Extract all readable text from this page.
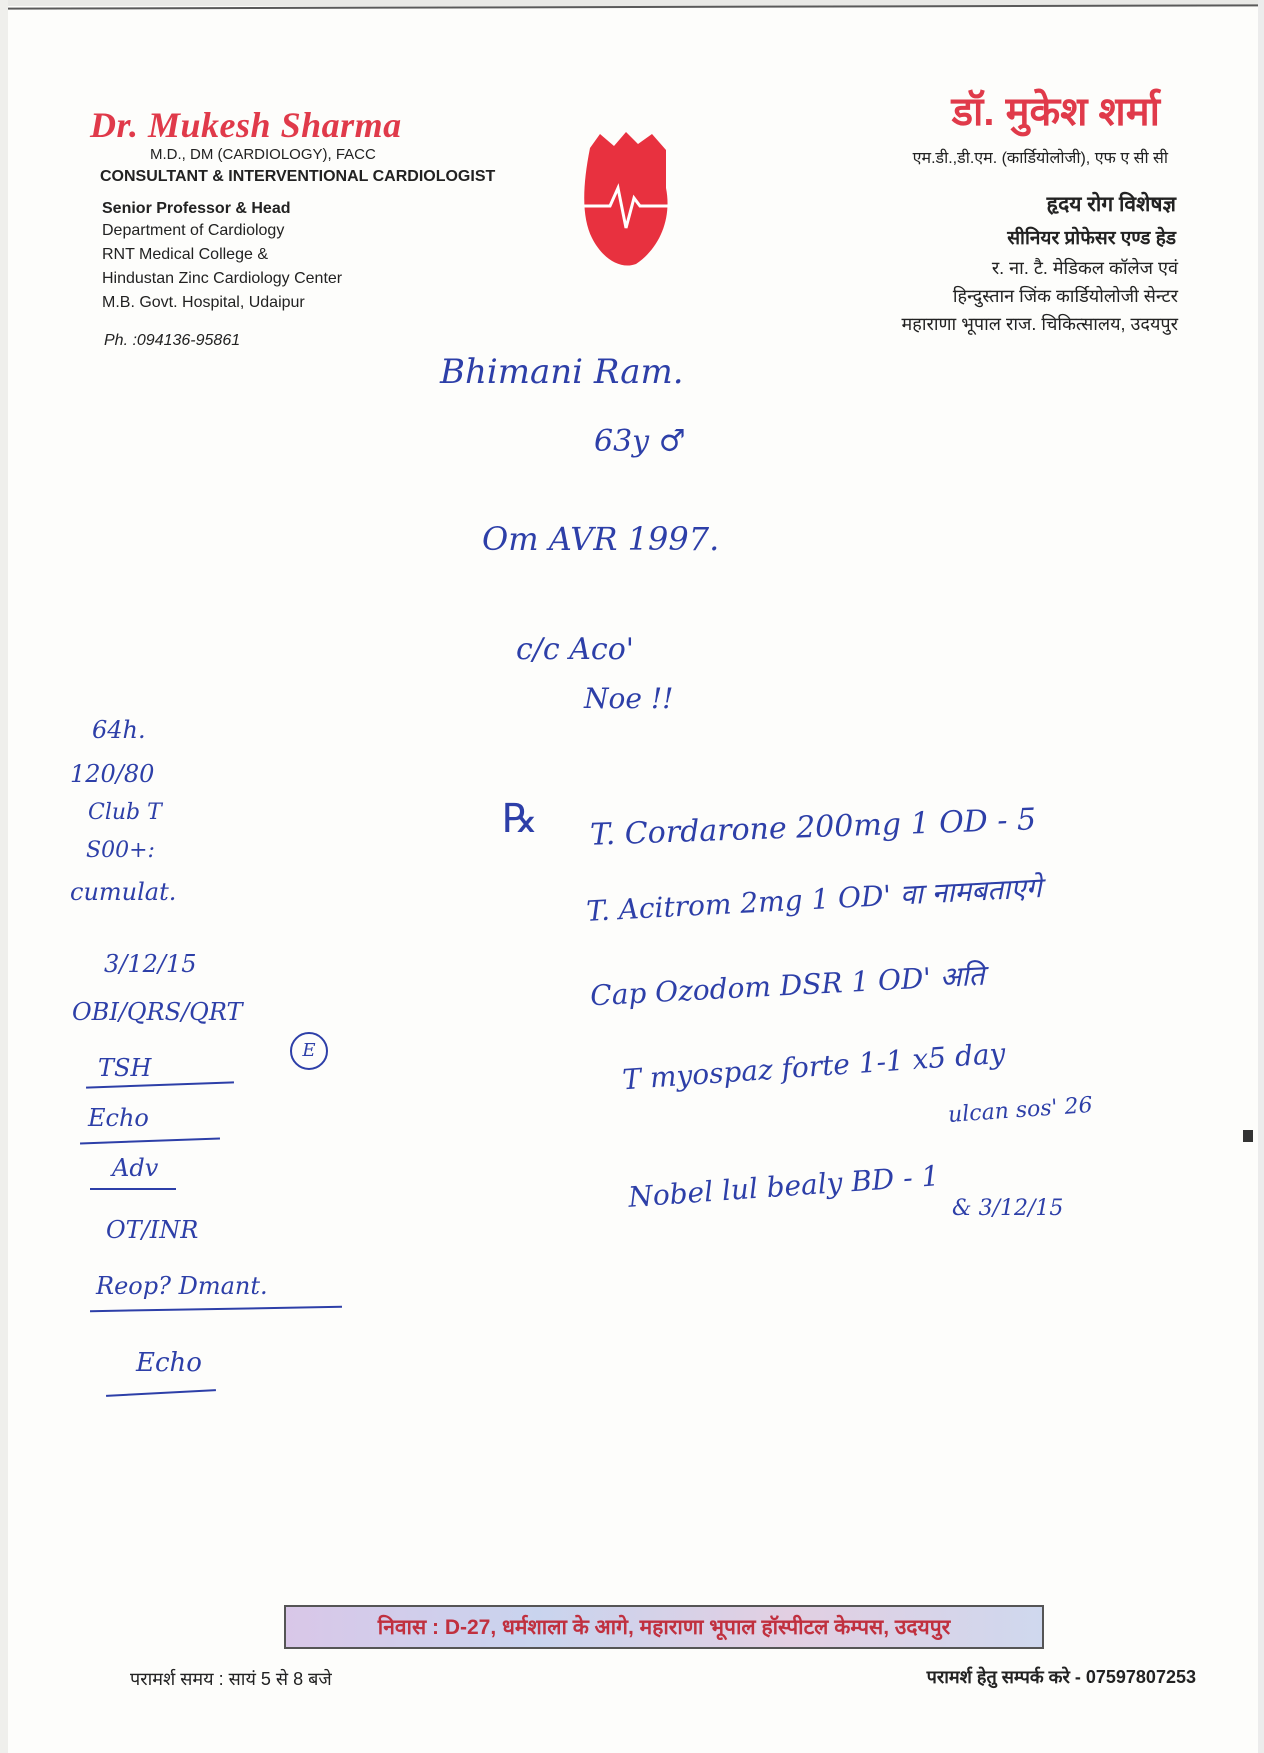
Dr. Mukesh Sharma
M.D., DM (CARDIOLOGY), FACC
CONSULTANT & INTERVENTIONAL CARDIOLOGIST
Senior Professor & Head
Department of Cardiology
RNT Medical College &
Hindustan Zinc Cardiology Center
M.B. Govt. Hospital, Udaipur
Ph. :094136-95861
डॉ. मुकेश शर्मा
एम.डी.,डी.एम. (कार्डियोलोजी), एफ ए सी सी
हृदय रोग विशेषज्ञ
सीनियर प्रोफेसर एण्ड हेड
र. ना. टै. मेडिकल कॉलेज एवं
हिन्दुस्तान जिंक कार्डियोलोजी सेन्टर
महाराणा भूपाल राज. चिकित्सालय, उदयपुर
Bhimani Ram.
63y ♂
Om AVR 1997.
c/c Aco'
Noe !!
℞ T. Cordarone 200mg 1 OD - 5
T. Acitrom 2mg 1 OD' वा नामबताएगे
Cap Ozodom DSR 1 OD' अति
T myospaz forte 1-1 x5 day
ulcan sos' 26
Nobel lul bealy BD - 1 & 3/12/15
64h.
120/80
Club T
S00+:
cumulat.
3/12/15
OBI/QRS/QRT
E
TSH
Echo
Adv
OT/INR
Reop? Dmant.
Echo
निवास : D-27, धर्मशाला के आगे, महाराणा भूपाल हॉस्पीटल केम्पस, उदयपुर
परामर्श समय : सायं 5 से 8 बजे	परामर्श हेतु सम्पर्क करे - 07597807253
